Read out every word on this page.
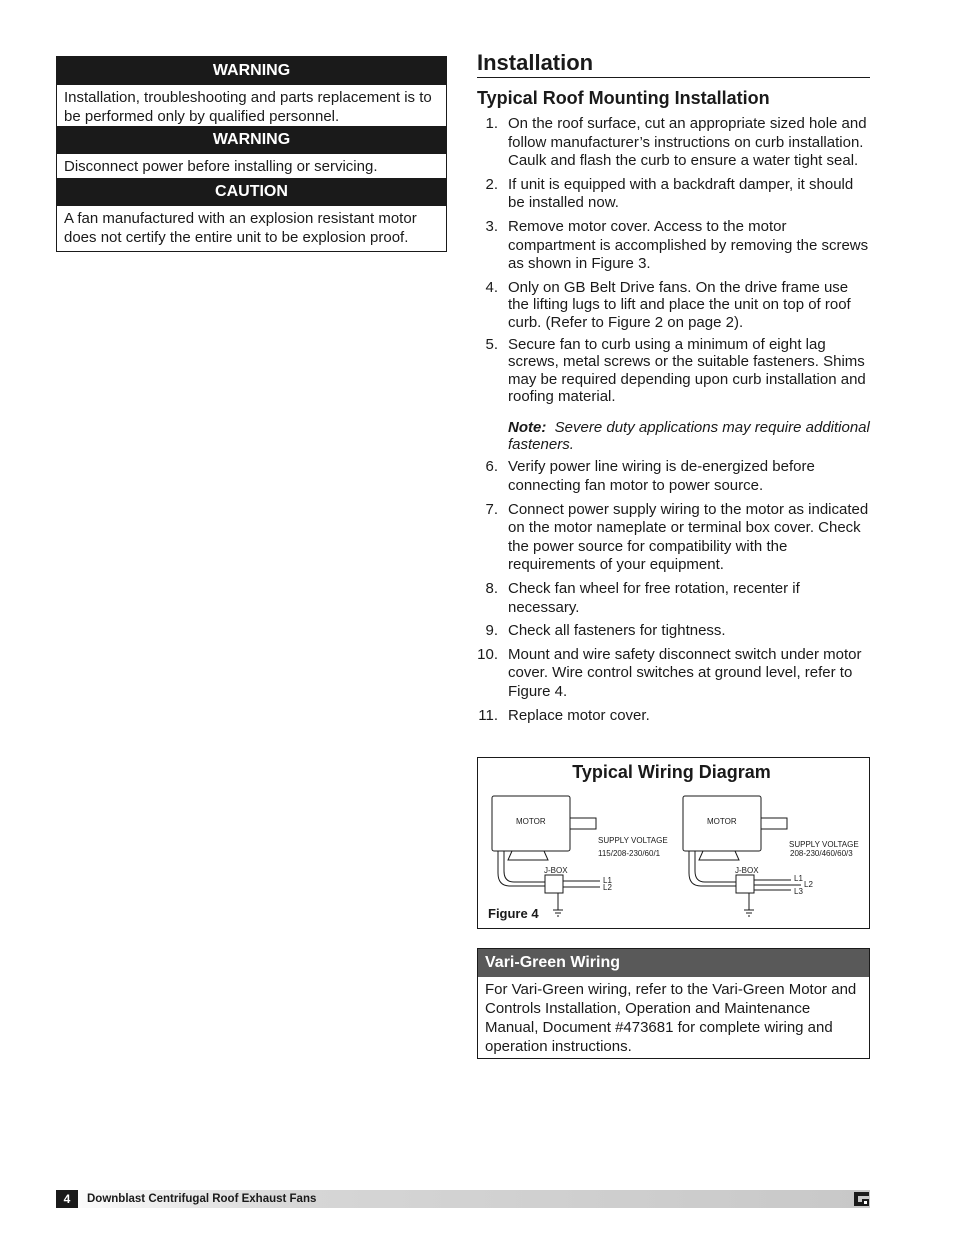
WARNING
Installation, troubleshooting and parts replacement is to be performed only by qualified personnel.
WARNING
Disconnect power before installing or servicing.
CAUTION
A fan manufactured with an explosion resistant motor does not certify the entire unit to be explosion proof.
Installation
Typical Roof Mounting Installation
1. On the roof surface, cut an appropriate sized hole and follow manufacturer’s instructions on curb installation. Caulk and flash the curb to ensure a water tight seal.
2. If unit is equipped with a backdraft damper, it should be installed now.
3. Remove motor cover. Access to the motor compartment is accomplished by removing the screws as shown in Figure 3.
4. Only on GB Belt Drive fans. On the drive frame use the lifting lugs to lift and place the unit on top of roof curb. (Refer to Figure 2 on page 2).
5. Secure fan to curb using a minimum of eight lag screws, metal screws or the suitable fasteners. Shims may be required depending upon curb installation and roofing material.
Note: Severe duty applications may require additional fasteners.
6. Verify power line wiring is de-energized before connecting fan motor to power source.
7. Connect power supply wiring to the motor as indicated on the motor nameplate or terminal box cover. Check the power source for compatibility with the requirements of your equipment.
8. Check fan wheel for free rotation, recenter if necessary.
9. Check all fasteners for tightness.
10. Mount and wire safety disconnect switch under motor cover. Wire control switches at ground level, refer to Figure 4.
11. Replace motor cover.
MOTOR
SUPPLY VOLTAGE
115/208-230/60/1
J-BOX
L1
L2
MOTOR
SUPPLY VOLTAGE
208-230/460/60/3
J-BOX
L1
L2
L3
Typical Wiring Diagram
Figure 4
Vari-Green Wiring
For Vari-Green wiring, refer to the Vari-Green Motor and Controls Installation, Operation and Maintenance Manual, Document #473681 for complete wiring and operation instructions.
4	Downblast Centrifugal Roof Exhaust Fans
